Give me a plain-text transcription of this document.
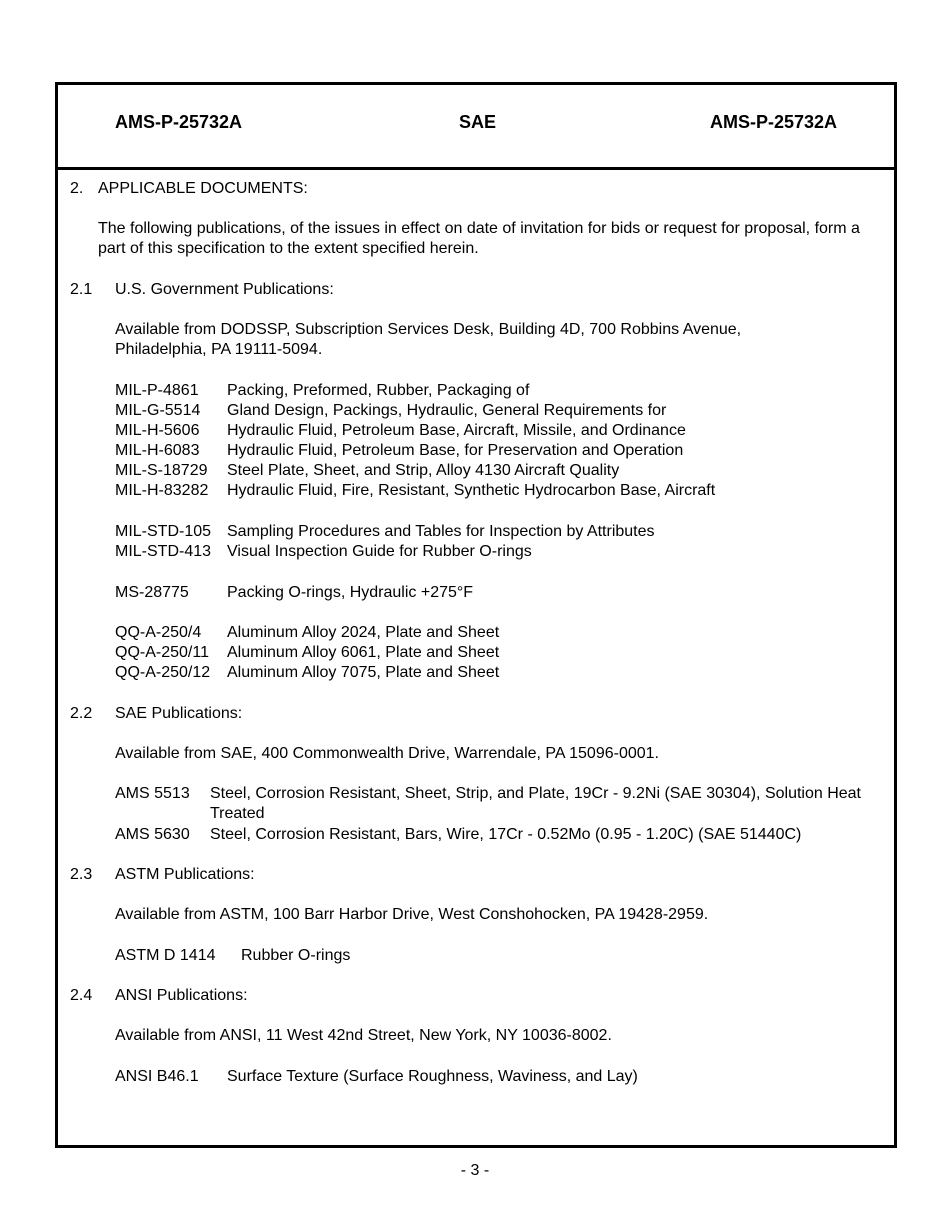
AMS-P-25732A	SAE	AMS-P-25732A
2. APPLICABLE DOCUMENTS:
The following publications, of the issues in effect on date of invitation for bids or request for proposal, form a part of this specification to the extent specified herein.
2.1 U.S. Government Publications:
Available from DODSSP, Subscription Services Desk, Building 4D, 700 Robbins Avenue, Philadelphia, PA 19111-5094.
MIL-P-4861 Packing, Preformed, Rubber, Packaging of
MIL-G-5514 Gland Design, Packings, Hydraulic, General Requirements for
MIL-H-5606 Hydraulic Fluid, Petroleum Base, Aircraft, Missile, and Ordinance
MIL-H-6083 Hydraulic Fluid, Petroleum Base, for Preservation and Operation
MIL-S-18729 Steel Plate, Sheet, and Strip, Alloy 4130 Aircraft Quality
MIL-H-83282 Hydraulic Fluid, Fire, Resistant, Synthetic Hydrocarbon Base, Aircraft
MIL-STD-105 Sampling Procedures and Tables for Inspection by Attributes
MIL-STD-413 Visual Inspection Guide for Rubber O-rings
MS-28775 Packing O-rings, Hydraulic +275°F
QQ-A-250/4 Aluminum Alloy 2024, Plate and Sheet
QQ-A-250/11 Aluminum Alloy 6061, Plate and Sheet
QQ-A-250/12 Aluminum Alloy 7075, Plate and Sheet
2.2 SAE Publications:
Available from SAE, 400 Commonwealth Drive, Warrendale, PA 15096-0001.
AMS 5513	Steel, Corrosion Resistant, Sheet, Strip, and Plate, 19Cr - 9.2Ni (SAE 30304), Solution Heat Treated
AMS 5630 Steel, Corrosion Resistant, Bars, Wire, 17Cr - 0.52Mo (0.95 - 1.20C) (SAE 51440C)
2.3 ASTM Publications:
Available from ASTM, 100 Barr Harbor Drive, West Conshohocken, PA 19428-2959.
ASTM D 1414 Rubber O-rings
2.4 ANSI Publications:
Available from ANSI, 11 West 42nd Street, New York, NY 10036-8002.
ANSI B46.1 Surface Texture (Surface Roughness, Waviness, and Lay)
- 3 -
